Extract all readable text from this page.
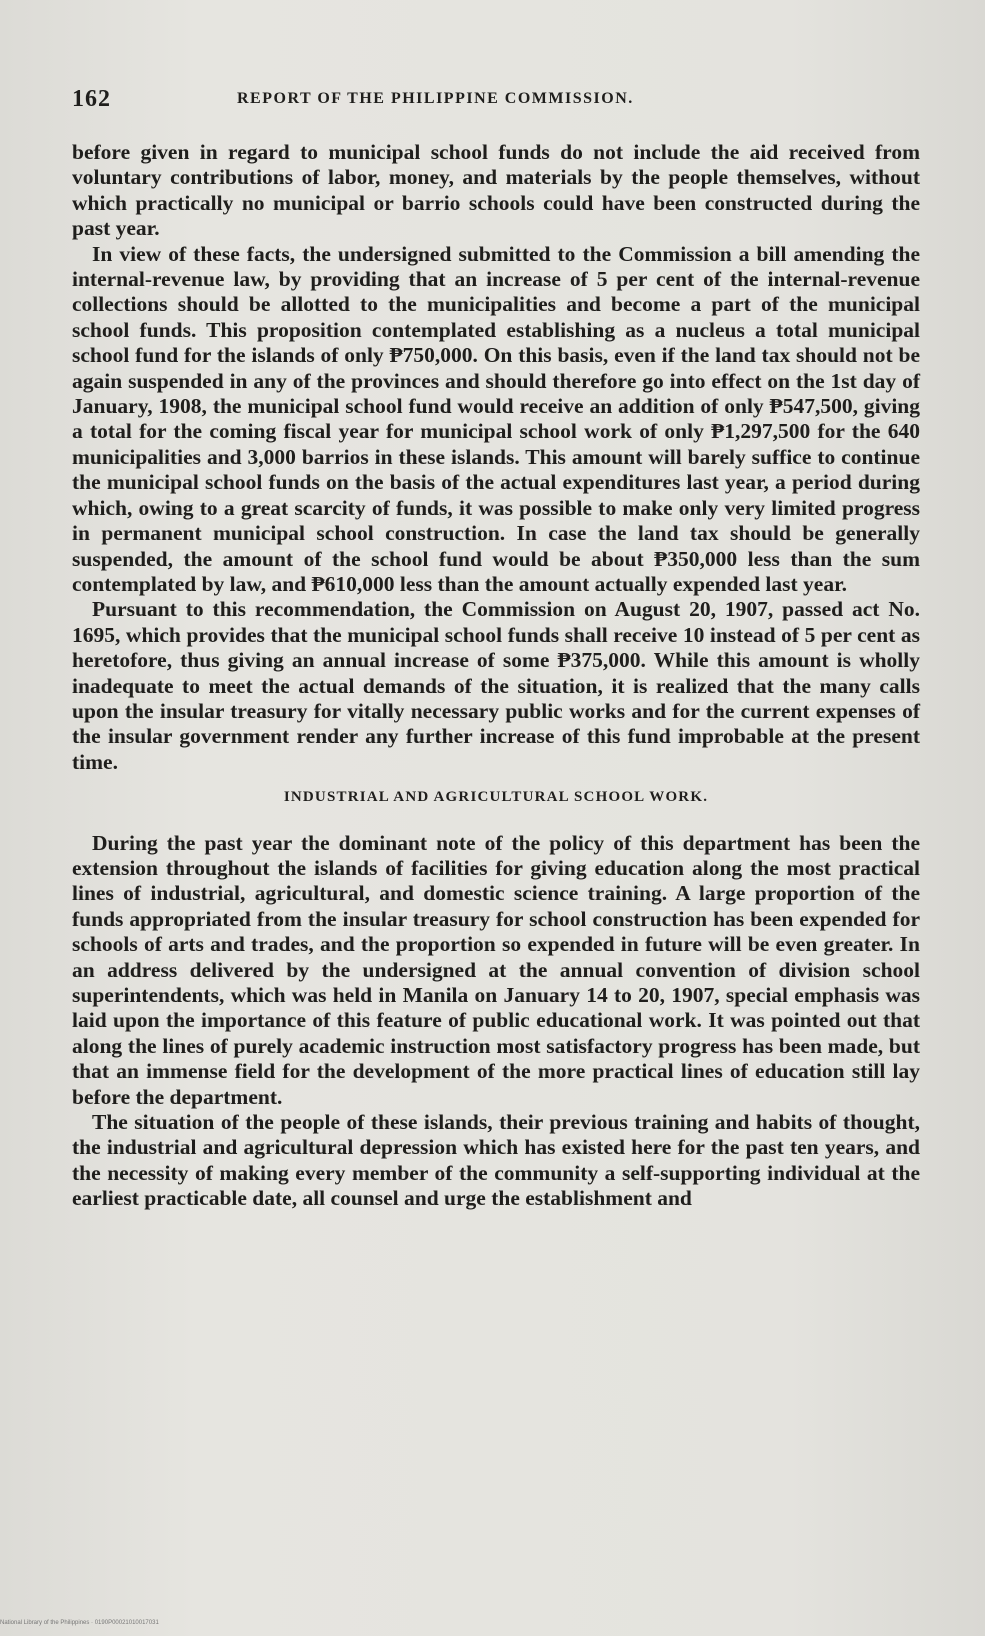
162	REPORT OF THE PHILIPPINE COMMISSION.

before given in regard to municipal school funds do not include the aid received from voluntary contributions of labor, money, and materials by the people themselves, without which practically no municipal or barrio schools could have been constructed during the past year.

In view of these facts, the undersigned submitted to the Commission a bill amending the internal-revenue law, by providing that an increase of 5 per cent of the internal-revenue collections should be allotted to the municipalities and become a part of the municipal school funds. This proposition contemplated establishing as a nucleus a total municipal school fund for the islands of only ₱750,000. On this basis, even if the land tax should not be again suspended in any of the provinces and should therefore go into effect on the 1st day of January, 1908, the municipal school fund would receive an addition of only ₱547,500, giving a total for the coming fiscal year for municipal school work of only ₱1,297,500 for the 640 municipalities and 3,000 barrios in these islands. This amount will barely suffice to continue the municipal school funds on the basis of the actual expenditures last year, a period during which, owing to a great scarcity of funds, it was possible to make only very limited progress in permanent municipal school construction. In case the land tax should be generally suspended, the amount of the school fund would be about ₱350,000 less than the sum contemplated by law, and ₱610,000 less than the amount actually expended last year.

Pursuant to this recommendation, the Commission on August 20, 1907, passed act No. 1695, which provides that the municipal school funds shall receive 10 instead of 5 per cent as heretofore, thus giving an annual increase of some ₱375,000. While this amount is wholly inadequate to meet the actual demands of the situation, it is realized that the many calls upon the insular treasury for vitally necessary public works and for the current expenses of the insular government render any further increase of this fund improbable at the present time.

INDUSTRIAL AND AGRICULTURAL SCHOOL WORK.

During the past year the dominant note of the policy of this department has been the extension throughout the islands of facilities for giving education along the most practical lines of industrial, agricultural, and domestic science training. A large proportion of the funds appropriated from the insular treasury for school construction has been expended for schools of arts and trades, and the proportion so expended in future will be even greater. In an address delivered by the undersigned at the annual convention of division school superintendents, which was held in Manila on January 14 to 20, 1907, special emphasis was laid upon the importance of this feature of public educational work. It was pointed out that along the lines of purely academic instruction most satisfactory progress has been made, but that an immense field for the development of the more practical lines of education still lay before the department.

The situation of the people of these islands, their previous training and habits of thought, the industrial and agricultural depression which has existed here for the past ten years, and the necessity of making every member of the community a self-supporting individual at the earliest practicable date, all counsel and urge the establishment and

National Library of the Philippines · 0190P00021010017031
